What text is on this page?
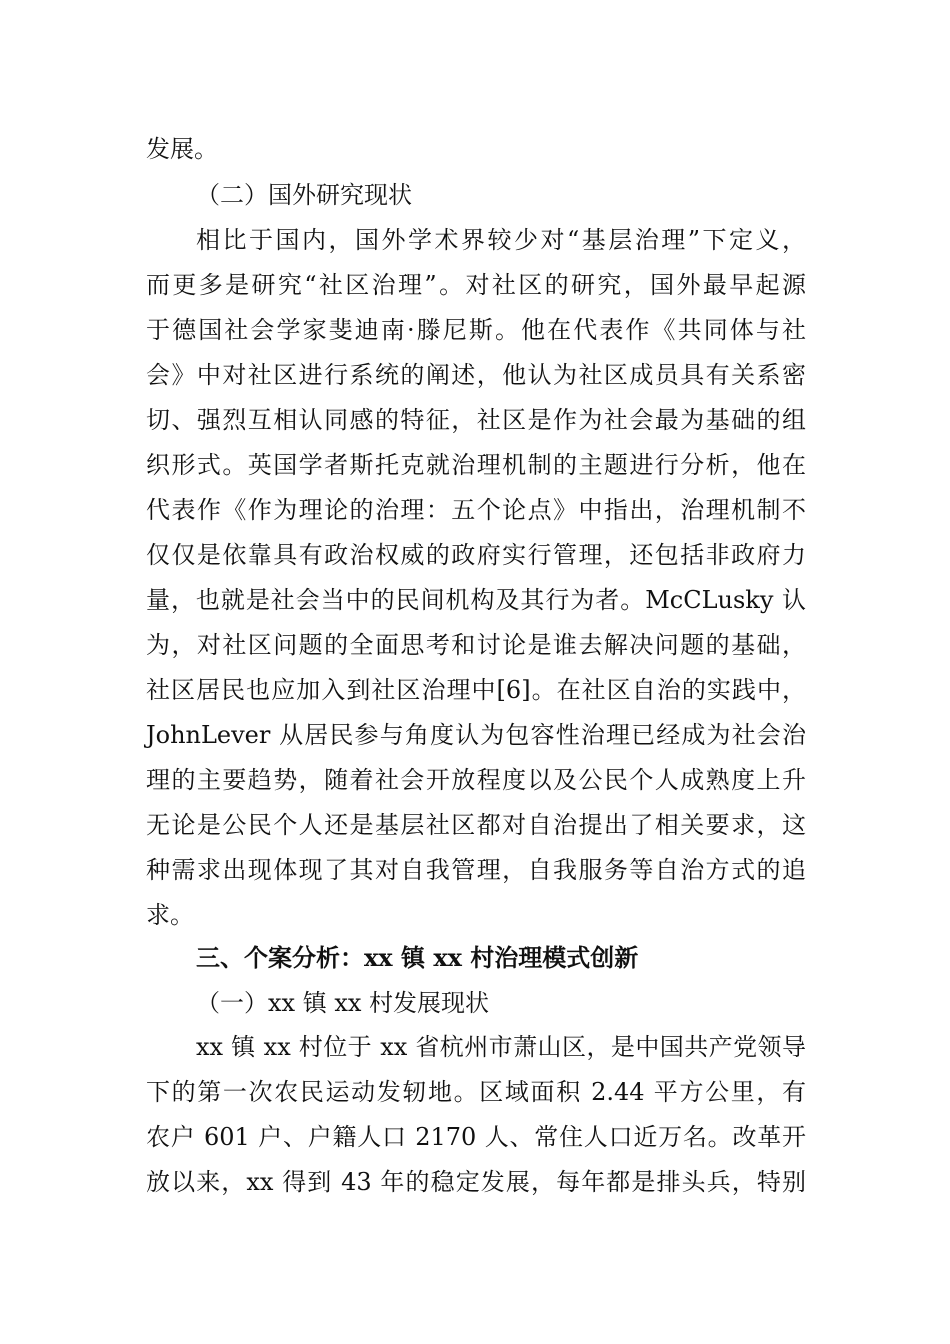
发展。
（二）国外研究现状
相比于国内，国外学术界较少对“基层治理”下定义，
而更多是研究“社区治理”。对社区的研究，国外最早起源
于德国社会学家斐迪南·滕尼斯。他在代表作《共同体与社
会》中对社区进行系统的阐述，他认为社区成员具有关系密
切、强烈互相认同感的特征，社区是作为社会最为基础的组
织形式。英国学者斯托克就治理机制的主题进行分析，他在
代表作《作为理论的治理：五个论点》中指出，治理机制不
仅仅是依靠具有政治权威的政府实行管理，还包括非政府力
量，也就是社会当中的民间机构及其行为者。McCLusky 认
为，对社区问题的全面思考和讨论是谁去解决问题的基础，
社区居民也应加入到社区治理中[6]。在社区自治的实践中，
JohnLever 从居民参与角度认为包容性治理已经成为社会治
理的主要趋势，随着社会开放程度以及公民个人成熟度上升
无论是公民个人还是基层社区都对自治提出了相关要求，这
种需求出现体现了其对自我管理，自我服务等自治方式的追
求。
三、个案分析：xx 镇 xx 村治理模式创新
（一）xx 镇 xx 村发展现状
xx 镇 xx 村位于 xx 省杭州市萧山区，是中国共产党领导
下的第一次农民运动发轫地。区域面积 2.44 平方公里，有
农户 601 户、户籍人口 2170 人、常住人口近万名。改革开
放以来，xx 得到 43 年的稳定发展，每年都是排头兵，特别
